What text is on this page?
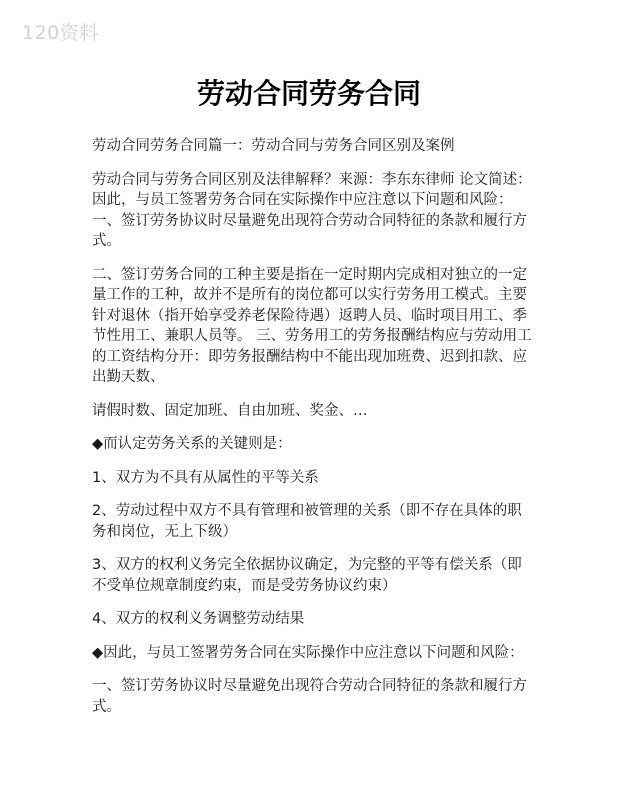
120资料
劳动合同劳务合同

劳动合同劳务合同篇一：劳动合同与劳务合同区别及案例

劳动合同与劳务合同区别及法律解释？来源：李东东律师 论文简述：因此，与员工签署劳务合同在实际操作中应注意以下问题和风险：一、签订劳务协议时尽量避免出现符合劳动合同特征的条款和履行方式。

二、签订劳务合同的工种主要是指在一定时期内完成相对独立的一定量工作的工种，故并不是所有的岗位都可以实行劳务用工模式。主要针对退休（指开始享受养老保险待遇）返聘人员、临时项目用工、季节性用工、兼职人员等。 三、劳务用工的劳务报酬结构应与劳动用工的工资结构分开：即劳务报酬结构中不能出现加班费、迟到扣款、应出勤天数、

请假时数、固定加班、自由加班、奖金、…

◆而认定劳务关系的关键则是：

1、双方为不具有从属性的平等关系

2、劳动过程中双方不具有管理和被管理的关系（即不存在具体的职务和岗位，无上下级）

3、双方的权利义务完全依据协议确定，为完整的平等有偿关系（即不受单位规章制度约束，而是受劳务协议约束）

4、双方的权利义务调整劳动结果

◆因此，与员工签署劳务合同在实际操作中应注意以下问题和风险：

一、签订劳务协议时尽量避免出现符合劳动合同特征的条款和履行方式。
